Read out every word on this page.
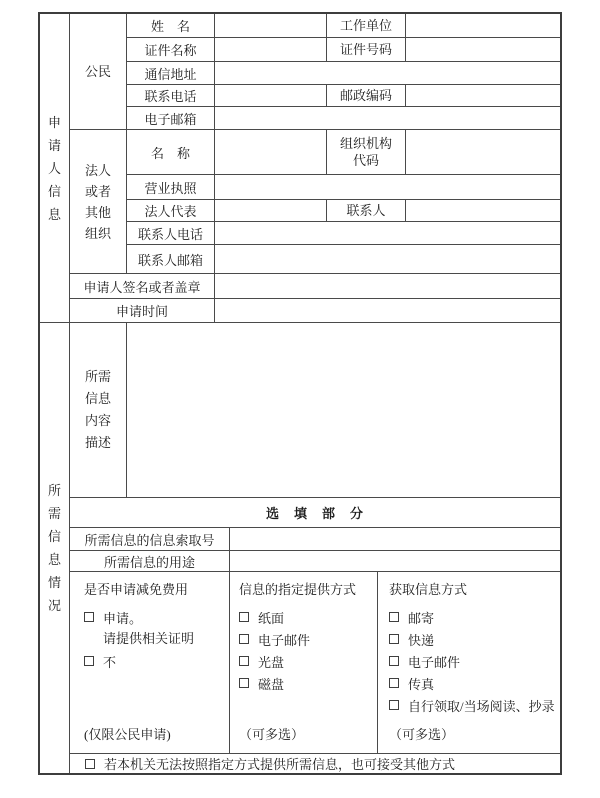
申
请
人
信
息
公民
姓　名	工作单位
证件名称	证件号码
通信地址
联系电话	邮政编码
电子邮箱
法人
或者
其他
组织
名　称
组织机构
代码
营业执照
法人代表	联系人
联系人电话
联系人邮箱
申请人签名或者盖章
申请时间
所
需
信
息
情
况
所需
信息
内容
描述
选　填　部　分
所需信息的信息索取号
所需信息的用途
是否申请减免费用
申请。
请提供相关证明
不
(仅限公民申请)
信息的指定提供方式
纸面
电子邮件
光盘
磁盘
（可多选）
获取信息方式
邮寄
快递
电子邮件
传真
自行领取/当场阅读、抄录
（可多选）
若本机关无法按照指定方式提供所需信息，也可接受其他方式
